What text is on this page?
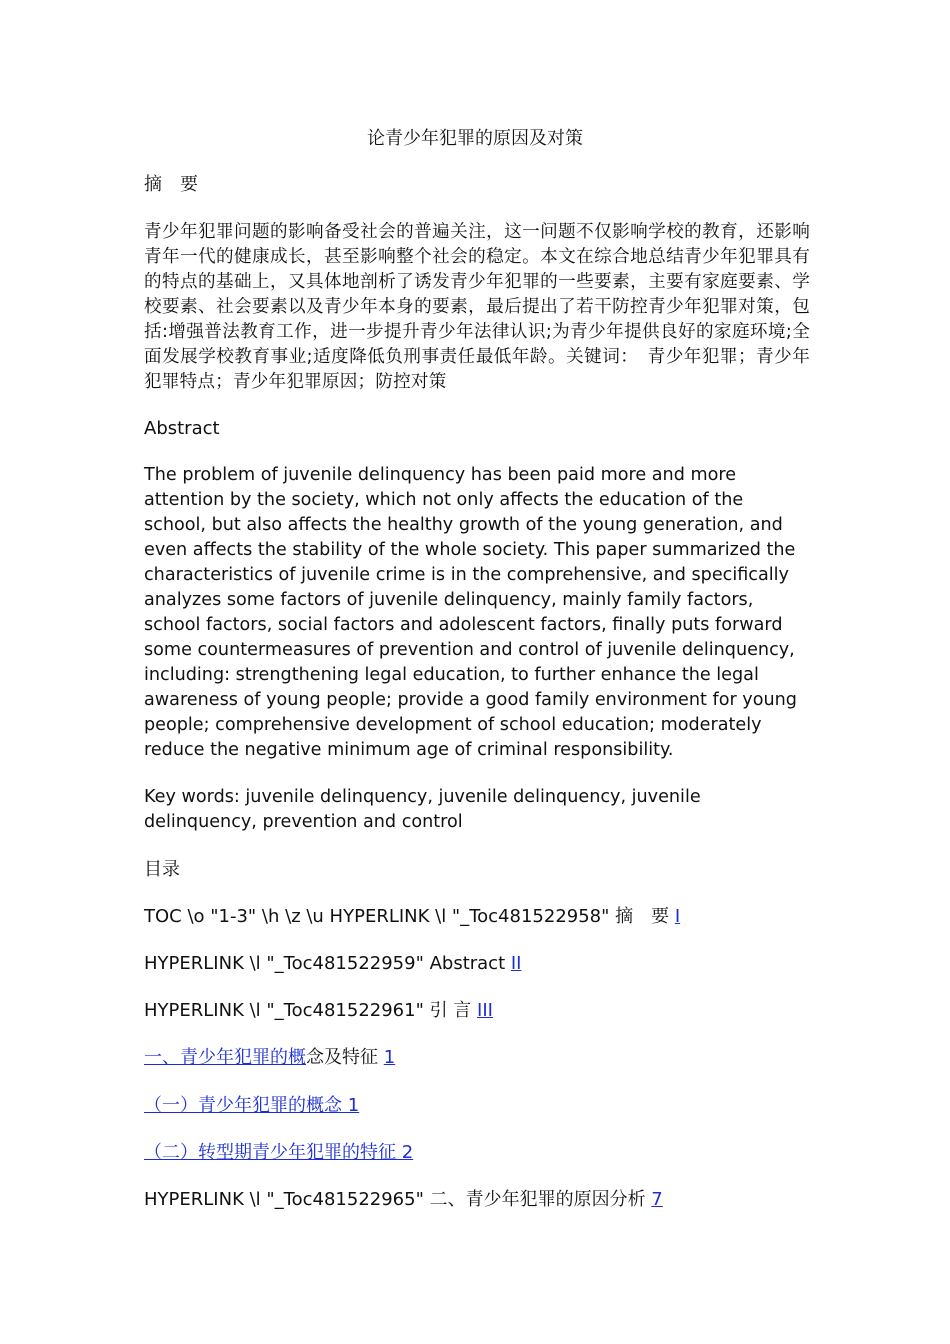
论青少年犯罪的原因及对策
摘　要
青少年犯罪问题的影响备受社会的普遍关注，这一问题不仅影响学校的教育，还影响青年一代的健康成长，甚至影响整个社会的稳定。本文在综合地总结青少年犯罪具有的特点的基础上，又具体地剖析了诱发青少年犯罪的一些要素，主要有家庭要素、学校要素、社会要素以及青少年本身的要素，最后提出了若干防控青少年犯罪对策，包括:增强普法教育工作，进一步提升青少年法律认识;为青少年提供良好的家庭环境;全面发展学校教育事业;适度降低负刑事责任最低年龄。关键词：　青少年犯罪；青少年犯罪特点；青少年犯罪原因；防控对策
Abstract
The problem of juvenile delinquency has been paid more and more attention by the society, which not only affects the education of the school, but also affects the healthy growth of the young generation, and even affects the stability of the whole society. This paper summarized the characteristics of juvenile crime is in the comprehensive, and specifically analyzes some factors of juvenile delinquency, mainly family factors, school factors, social factors and adolescent factors, finally puts forward some countermeasures of prevention and control of juvenile delinquency, including: strengthening legal education, to further enhance the legal awareness of young people; provide a good family environment for young people; comprehensive development of school education; moderately reduce the negative minimum age of criminal responsibility.
Key words: juvenile delinquency, juvenile delinquency, juvenile delinquency, prevention and control
目录
TOC \o "1-3" \h \z \u HYPERLINK \l "_Toc481522958" 摘　要 I
HYPERLINK \l "_Toc481522959" Abstract II
HYPERLINK \l "_Toc481522961" 引 言 III
一、青少年犯罪的概念及特征 1
（一）青少年犯罪的概念 1
（二）转型期青少年犯罪的特征 2
HYPERLINK \l "_Toc481522965" 二、青少年犯罪的原因分析 7
